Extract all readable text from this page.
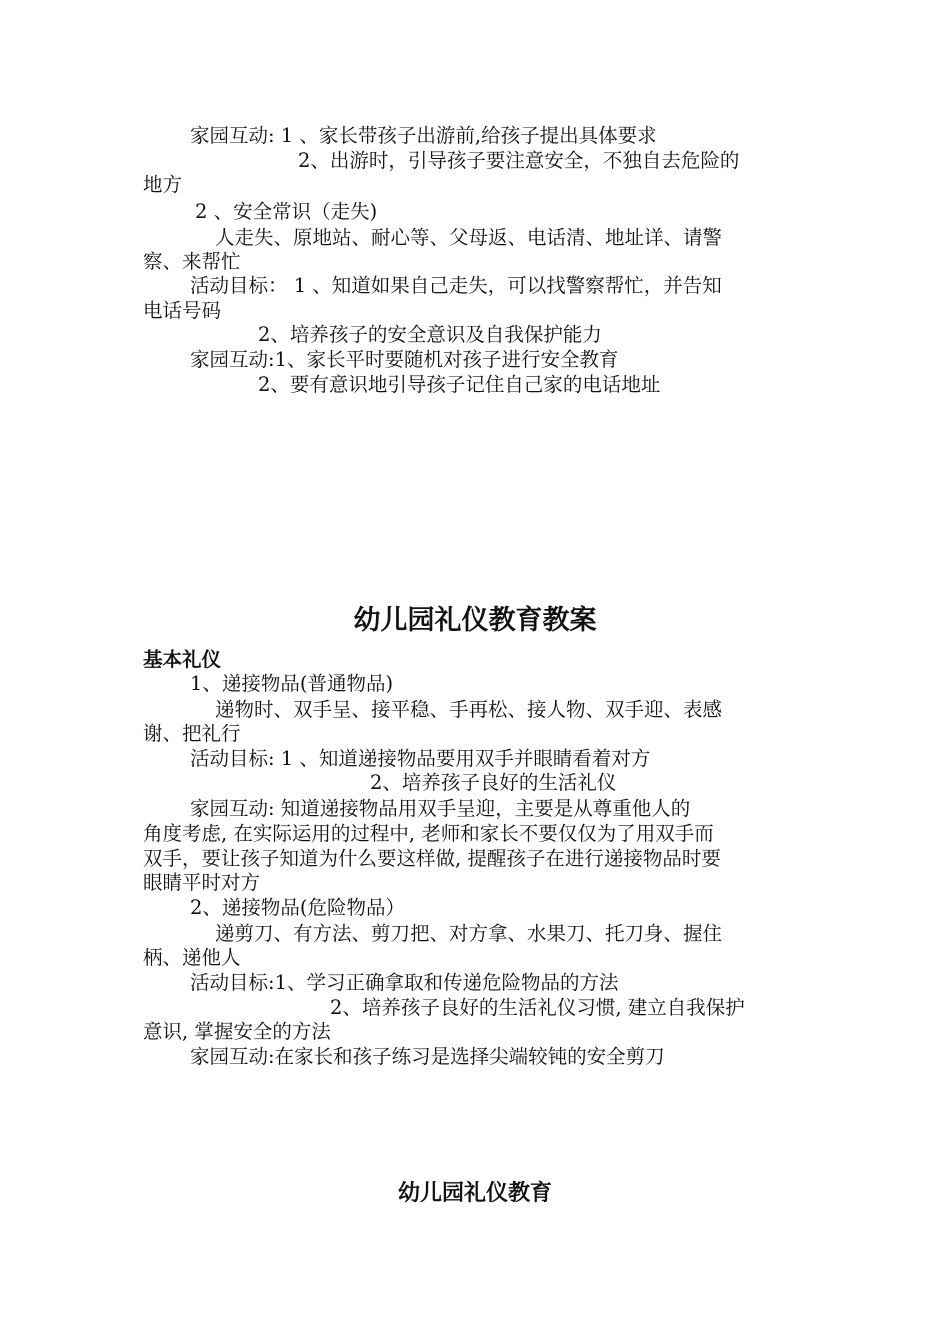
家园互动: 1 、家长带孩子出游前,给孩子提出具体要求
2、出游时，引导孩子要注意安全，不独自去危险的
地方
2 、安全常识（走失)
人走失、原地站、耐心等、父母返、电话清、地址详、请警
察、来帮忙
活动目标： 1 、知道如果自己走失，可以找警察帮忙，并告知
电话号码
2、培养孩子的安全意识及自我保护能力
家园互动:1、家长平时要随机对孩子进行安全教育
2、要有意识地引导孩子记住自己家的电话地址
幼儿园礼仪教育教案
基本礼仪
1、递接物品(普通物品)
递物时、双手呈、接平稳、手再松、接人物、双手迎、表感
谢、把礼行
活动目标: 1 、知道递接物品要用双手并眼睛看着对方
2、培养孩子良好的生活礼仪
家园互动: 知道递接物品用双手呈迎，主要是从尊重他人的
角度考虑, 在实际运用的过程中, 老师和家长不要仅仅为了用双手而
双手，要让孩子知道为什么要这样做, 提醒孩子在进行递接物品时要
眼睛平时对方
2、递接物品(危险物品）
递剪刀、有方法、剪刀把、对方拿、水果刀、托刀身、握住
柄、递他人
活动目标:1、学习正确拿取和传递危险物品的方法
2、培养孩子良好的生活礼仪习惯, 建立自我保护
意识, 掌握安全的方法
家园互动:在家长和孩子练习是选择尖端较钝的安全剪刀
幼儿园礼仪教育
